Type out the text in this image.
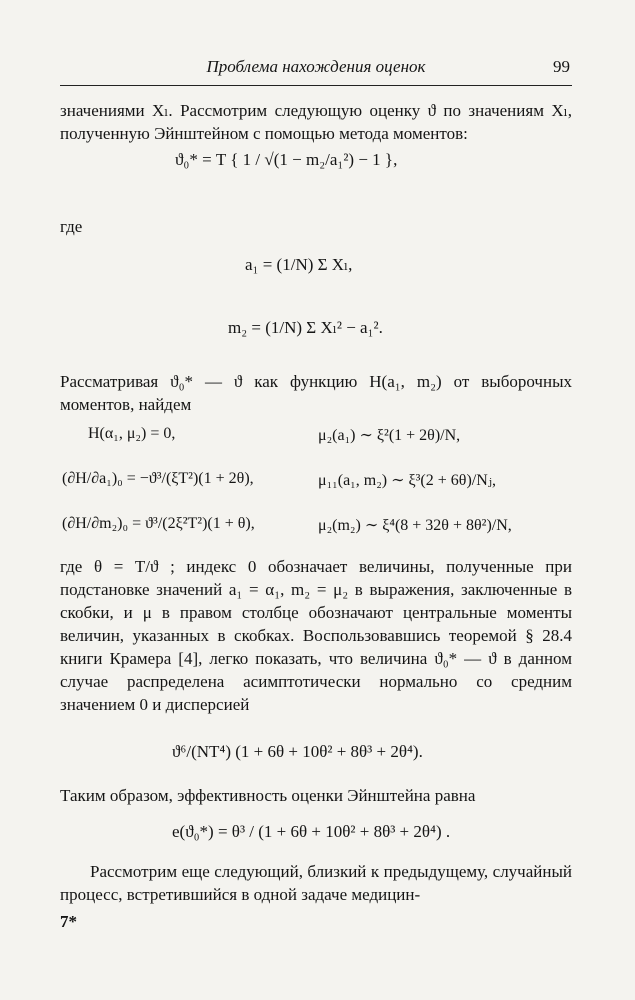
Проблема нахождения оценок	99
значениями Xₗ. Рассмотрим следующую оценку ϑ по значениям Xₗ, полученную Эйнштейном с помощью метода моментов:
ϑ₀* = T { 1 / √(1 − m₂/a₁²) − 1 },
где
a₁ = (1/N) Σ Xₗ,
m₂ = (1/N) Σ Xₗ² − a₁².
Рассматривая ϑ₀* — ϑ как функцию H(a₁, m₂) от выборочных моментов, найдем
H(α₁, μ₂) = 0,	μ₂(a₁) ∼ ξ²(1 + 2θ)/N,
(∂H/∂a₁)₀ = −ϑ³/(ξT²)(1 + 2θ),	μ₁₁(a₁, m₂) ∼ ξ³(2 + 6θ)/Nⱼ,
(∂H/∂m₂)₀ = ϑ³/(2ξ²T²)(1 + θ),	μ₂(m₂) ∼ ξ⁴(8 + 32θ + 8θ²)/N,
где θ = T/ϑ ; индекс 0 обозначает величины, полученные при подстановке значений a₁ = α₁, m₂ = μ₂ в выражения, заключенные в скобки, и μ в правом столбце обозначают центральные моменты величин, указанных в скобках. Воспользовавшись теоремой § 28.4 книги Крамера [4], легко показать, что величина ϑ₀* — ϑ в данном случае распределена асимптотически нормально со средним значением 0 и дисперсией
ϑ⁶/(NT⁴) (1 + 6θ + 10θ² + 8θ³ + 2θ⁴).
Таким образом, эффективность оценки Эйнштейна равна
e(ϑ₀*) = θ³ / (1 + 6θ + 10θ² + 8θ³ + 2θ⁴) .
Рассмотрим еще следующий, близкий к предыдущему, случайный процесс, встретившийся в одной задаче медицин-
7*
